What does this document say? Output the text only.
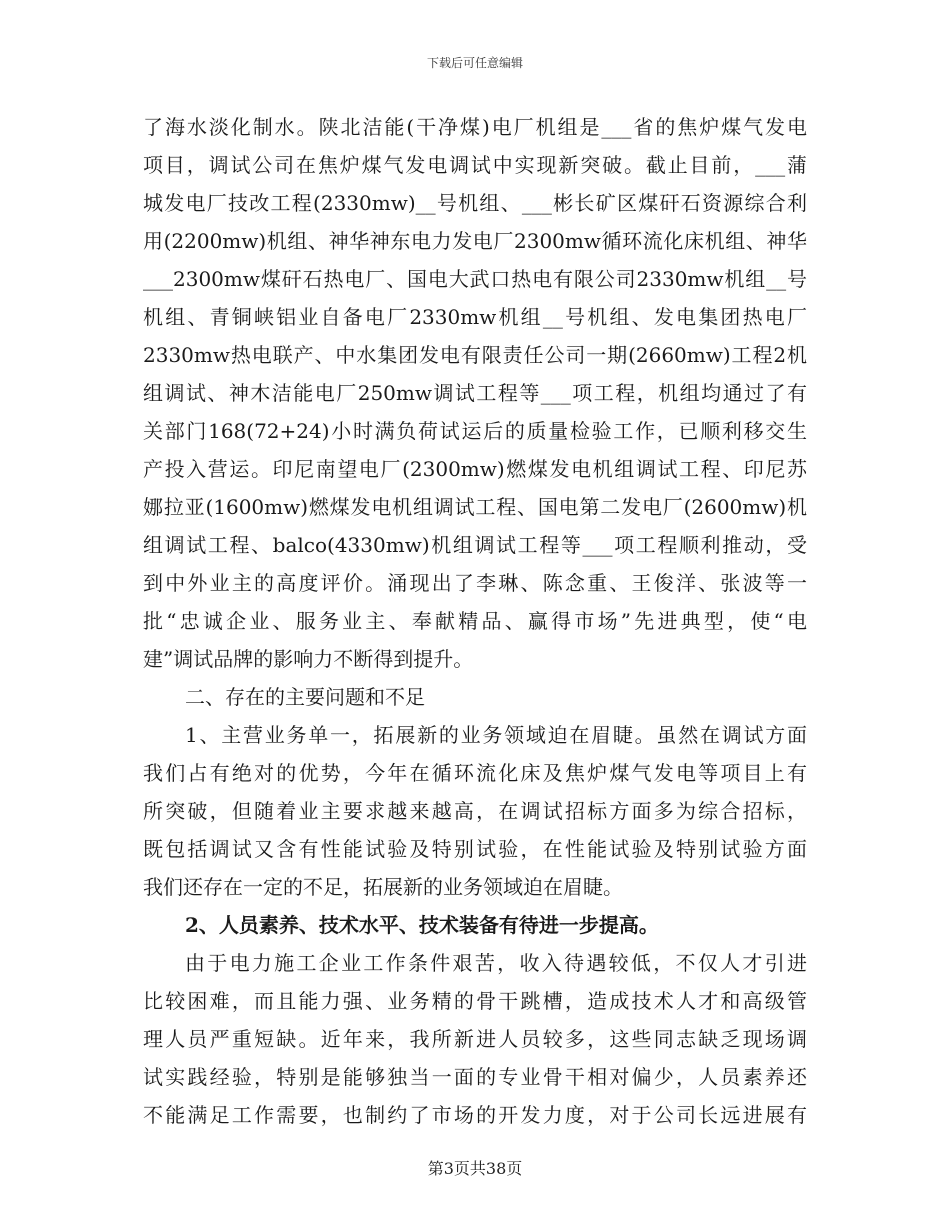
下载后可任意编辑
了海水淡化制水。陕北洁能(干净煤)电厂机组是___省的焦炉煤气发电
项目，调试公司在焦炉煤气发电调试中实现新突破。截止目前，___蒲
城发电厂技改工程(2330mw)__号机组、___彬长矿区煤矸石资源综合利
用(2200mw)机组、神华神东电力发电厂2300mw循环流化床机组、神华
___2300mw煤矸石热电厂、国电大武口热电有限公司2330mw机组__号
机组、青铜峡铝业自备电厂2330mw机组__号机组、发电集团热电厂
2330mw热电联产、中水集团发电有限责任公司一期(2660mw)工程2机
组调试、神木洁能电厂250mw调试工程等___项工程，机组均通过了有
关部门168(72+24)小时满负荷试运后的质量检验工作，已顺利移交生
产投入营运。印尼南望电厂(2300mw)燃煤发电机组调试工程、印尼苏
娜拉亚(1600mw)燃煤发电机组调试工程、国电第二发电厂(2600mw)机
组调试工程、balco(4330mw)机组调试工程等___项工程顺利推动，受
到中外业主的高度评价。涌现出了李琳、陈念重、王俊洋、张波等一
批“忠诚企业、服务业主、奉献精品、赢得市场”先进典型，使“电
建”调试品牌的影响力不断得到提升。
二、存在的主要问题和不足
1、主营业务单一，拓展新的业务领域迫在眉睫。虽然在调试方面
我们占有绝对的优势，今年在循环流化床及焦炉煤气发电等项目上有
所突破，但随着业主要求越来越高，在调试招标方面多为综合招标，
既包括调试又含有性能试验及特别试验，在性能试验及特别试验方面
我们还存在一定的不足，拓展新的业务领域迫在眉睫。
2、人员素养、技术水平、技术装备有待进一步提高。
由于电力施工企业工作条件艰苦，收入待遇较低，不仅人才引进
比较困难，而且能力强、业务精的骨干跳槽，造成技术人才和高级管
理人员严重短缺。近年来，我所新进人员较多，这些同志缺乏现场调
试实践经验，特别是能够独当一面的专业骨干相对偏少，人员素养还
不能满足工作需要，也制约了市场的开发力度，对于公司长远进展有
第3页共38页
